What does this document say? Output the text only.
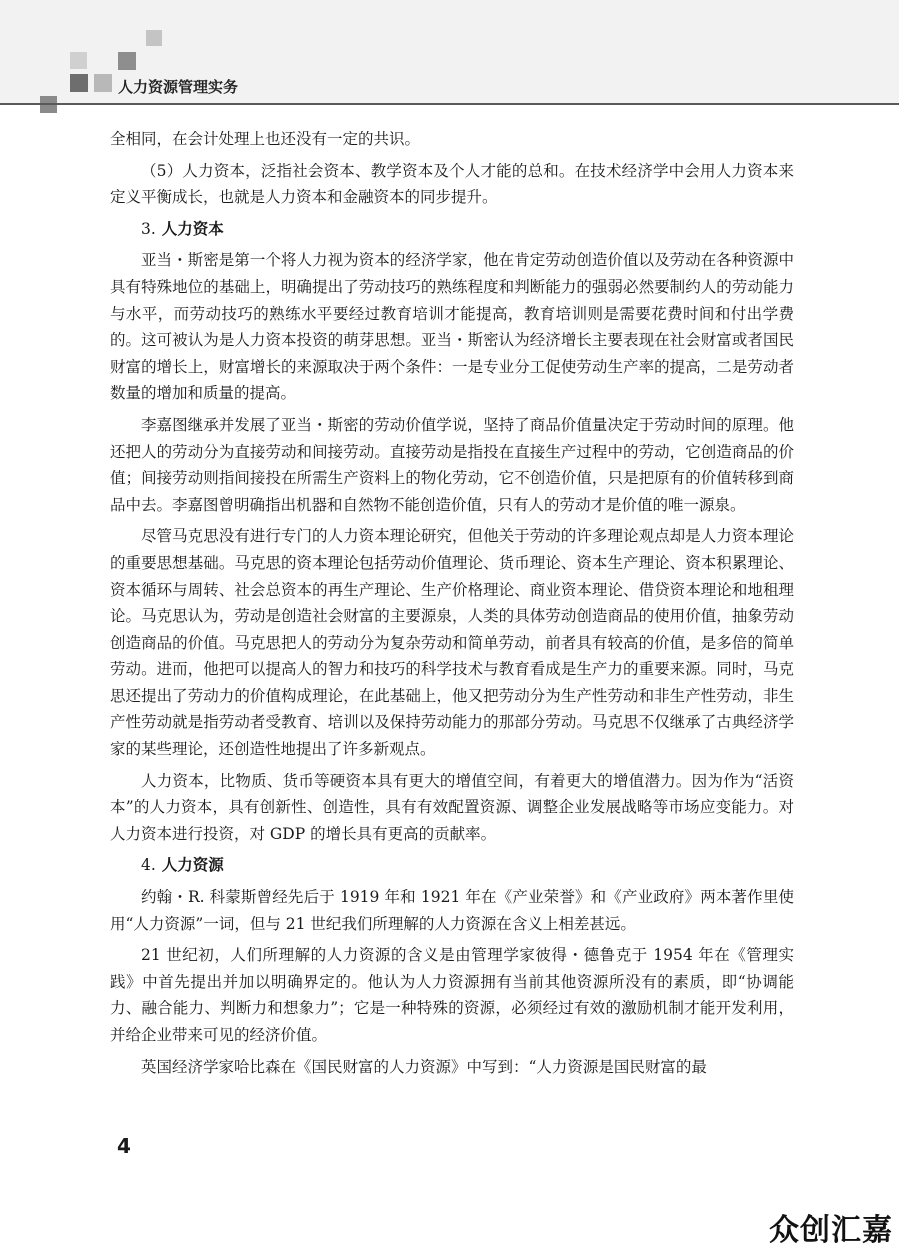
人力资源管理实务

全相同，在会计处理上也还没有一定的共识。

（5）人力资本，泛指社会资本、教学资本及个人才能的总和。在技术经济学中会用人力资本来定义平衡成长，也就是人力资本和金融资本的同步提升。

3. 人力资本

亚当・斯密是第一个将人力视为资本的经济学家，他在肯定劳动创造价值以及劳动在各种资源中具有特殊地位的基础上，明确提出了劳动技巧的熟练程度和判断能力的强弱必然要制约人的劳动能力与水平，而劳动技巧的熟练水平要经过教育培训才能提高，教育培训则是需要花费时间和付出学费的。这可被认为是人力资本投资的萌芽思想。亚当・斯密认为经济增长主要表现在社会财富或者国民财富的增长上，财富增长的来源取决于两个条件：一是专业分工促使劳动生产率的提高，二是劳动者数量的增加和质量的提高。

李嘉图继承并发展了亚当・斯密的劳动价值学说，坚持了商品价值量决定于劳动时间的原理。他还把人的劳动分为直接劳动和间接劳动。直接劳动是指投在直接生产过程中的劳动，它创造商品的价值；间接劳动则指间接投在所需生产资料上的物化劳动，它不创造价值，只是把原有的价值转移到商品中去。李嘉图曾明确指出机器和自然物不能创造价值，只有人的劳动才是价值的唯一源泉。

尽管马克思没有进行专门的人力资本理论研究，但他关于劳动的许多理论观点却是人力资本理论的重要思想基础。马克思的资本理论包括劳动价值理论、货币理论、资本生产理论、资本积累理论、资本循环与周转、社会总资本的再生产理论、生产价格理论、商业资本理论、借贷资本理论和地租理论。马克思认为，劳动是创造社会财富的主要源泉，人类的具体劳动创造商品的使用价值，抽象劳动创造商品的价值。马克思把人的劳动分为复杂劳动和简单劳动，前者具有较高的价值，是多倍的简单劳动。进而，他把可以提高人的智力和技巧的科学技术与教育看成是生产力的重要来源。同时，马克思还提出了劳动力的价值构成理论，在此基础上，他又把劳动分为生产性劳动和非生产性劳动，非生产性劳动就是指劳动者受教育、培训以及保持劳动能力的那部分劳动。马克思不仅继承了古典经济学家的某些理论，还创造性地提出了许多新观点。

人力资本，比物质、货币等硬资本具有更大的增值空间，有着更大的增值潜力。因为作为“活资本”的人力资本，具有创新性、创造性，具有有效配置资源、调整企业发展战略等市场应变能力。对人力资本进行投资，对 GDP 的增长具有更高的贡献率。

4. 人力资源

约翰・R. 科蒙斯曾经先后于 1919 年和 1921 年在《产业荣誉》和《产业政府》两本著作里使用“人力资源”一词，但与 21 世纪我们所理解的人力资源在含义上相差甚远。

21 世纪初，人们所理解的人力资源的含义是由管理学家彼得・德鲁克于 1954 年在《管理实践》中首先提出并加以明确界定的。他认为人力资源拥有当前其他资源所没有的素质，即“协调能力、融合能力、判断力和想象力”；它是一种特殊的资源，必须经过有效的激励机制才能开发利用，并给企业带来可见的经济价值。

英国经济学家哈比森在《国民财富的人力资源》中写到：“人力资源是国民财富的最

4
众创汇嘉
